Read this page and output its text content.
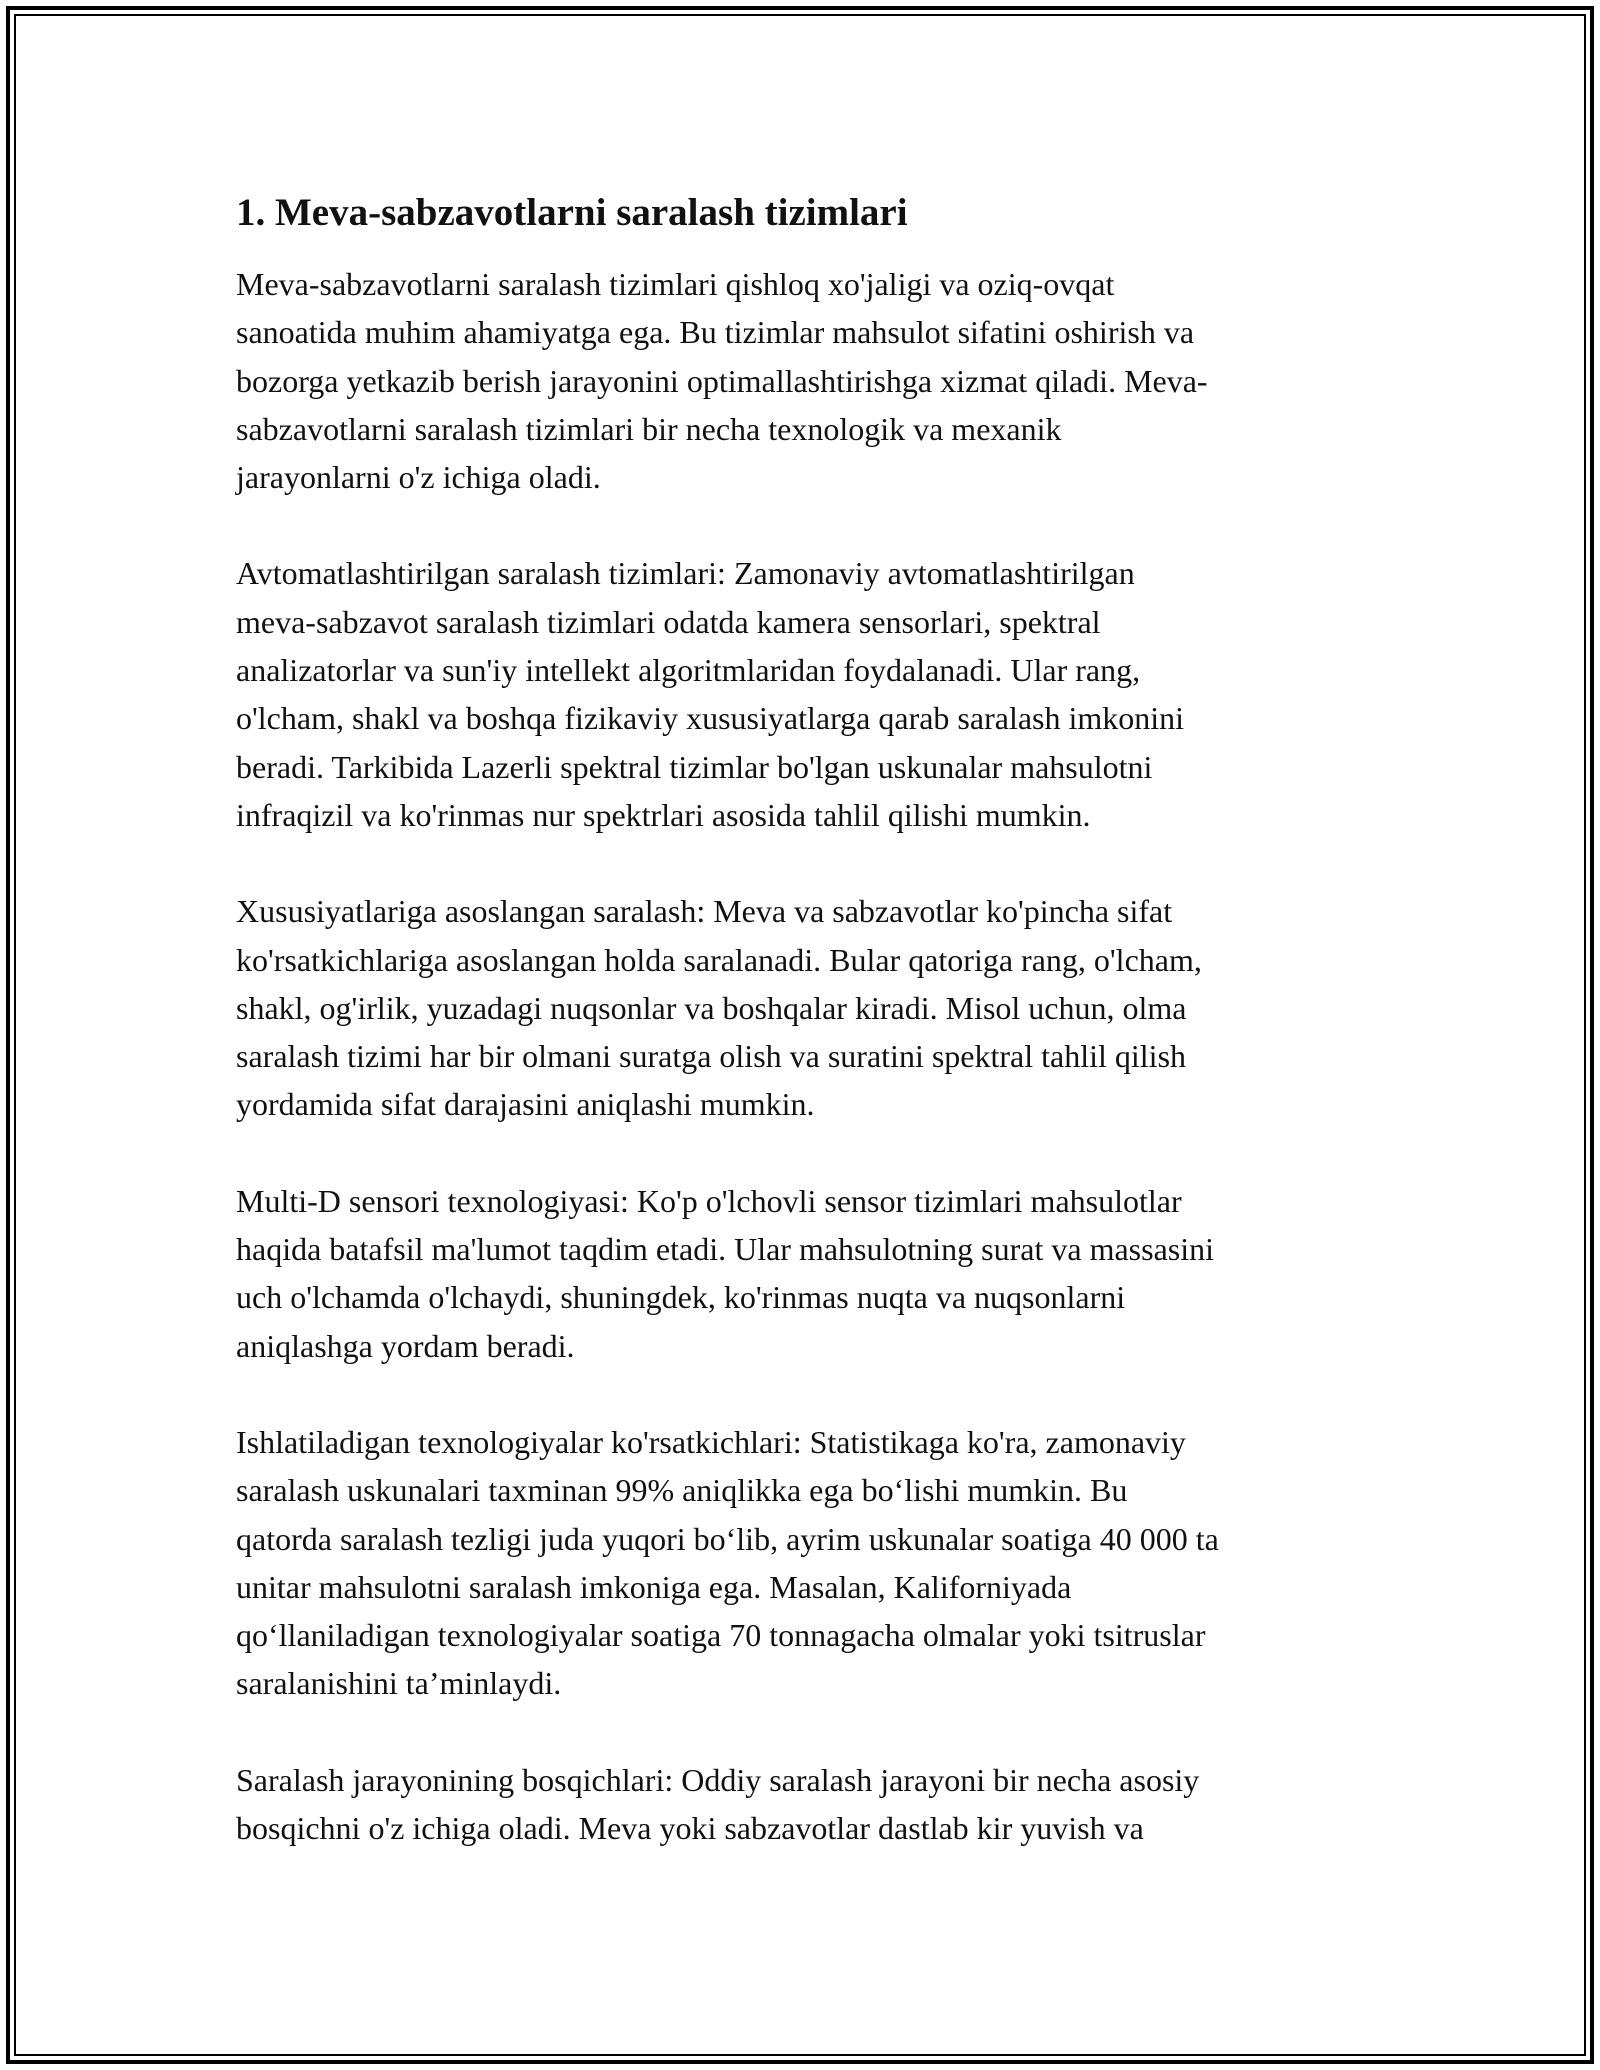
1. Meva-sabzavotlarni saralash tizimlari

Meva-sabzavotlarni saralash tizimlari qishloq xo'jaligi va oziq-ovqat
sanoatida muhim ahamiyatga ega. Bu tizimlar mahsulot sifatini oshirish va
bozorga yetkazib berish jarayonini optimallashtirishga xizmat qiladi. Meva-
sabzavotlarni saralash tizimlari bir necha texnologik va mexanik
jarayonlarni o'z ichiga oladi.

Avtomatlashtirilgan saralash tizimlari: Zamonaviy avtomatlashtirilgan
meva-sabzavot saralash tizimlari odatda kamera sensorlari, spektral
analizatorlar va sun'iy intellekt algoritmlaridan foydalanadi. Ular rang,
o'lcham, shakl va boshqa fizikaviy xususiyatlarga qarab saralash imkonini
beradi. Tarkibida Lazerli spektral tizimlar bo'lgan uskunalar mahsulotni
infraqizil va ko'rinmas nur spektrlari asosida tahlil qilishi mumkin.

Xususiyatlariga asoslangan saralash: Meva va sabzavotlar ko'pincha sifat
ko'rsatkichlariga asoslangan holda saralanadi. Bular qatoriga rang, o'lcham,
shakl, og'irlik, yuzadagi nuqsonlar va boshqalar kiradi. Misol uchun, olma
saralash tizimi har bir olmani suratga olish va suratini spektral tahlil qilish
yordamida sifat darajasini aniqlashi mumkin.

Multi-D sensori texnologiyasi: Ko'p o'lchovli sensor tizimlari mahsulotlar
haqida batafsil ma'lumot taqdim etadi. Ular mahsulotning surat va massasini
uch o'lchamda o'lchaydi, shuningdek, ko'rinmas nuqta va nuqsonlarni
aniqlashga yordam beradi.

Ishlatiladigan texnologiyalar ko'rsatkichlari: Statistikaga ko'ra, zamonaviy
saralash uskunalari taxminan 99% aniqlikka ega bo‘lishi mumkin. Bu
qatorda saralash tezligi juda yuqori bo‘lib, ayrim uskunalar soatiga 40 000 ta
unitar mahsulotni saralash imkoniga ega. Masalan, Kaliforniyada
qo‘llaniladigan texnologiyalar soatiga 70 tonnagacha olmalar yoki tsitruslar
saralanishini ta’minlaydi.

Saralash jarayonining bosqichlari: Oddiy saralash jarayoni bir necha asosiy
bosqichni o'z ichiga oladi. Meva yoki sabzavotlar dastlab kir yuvish va
